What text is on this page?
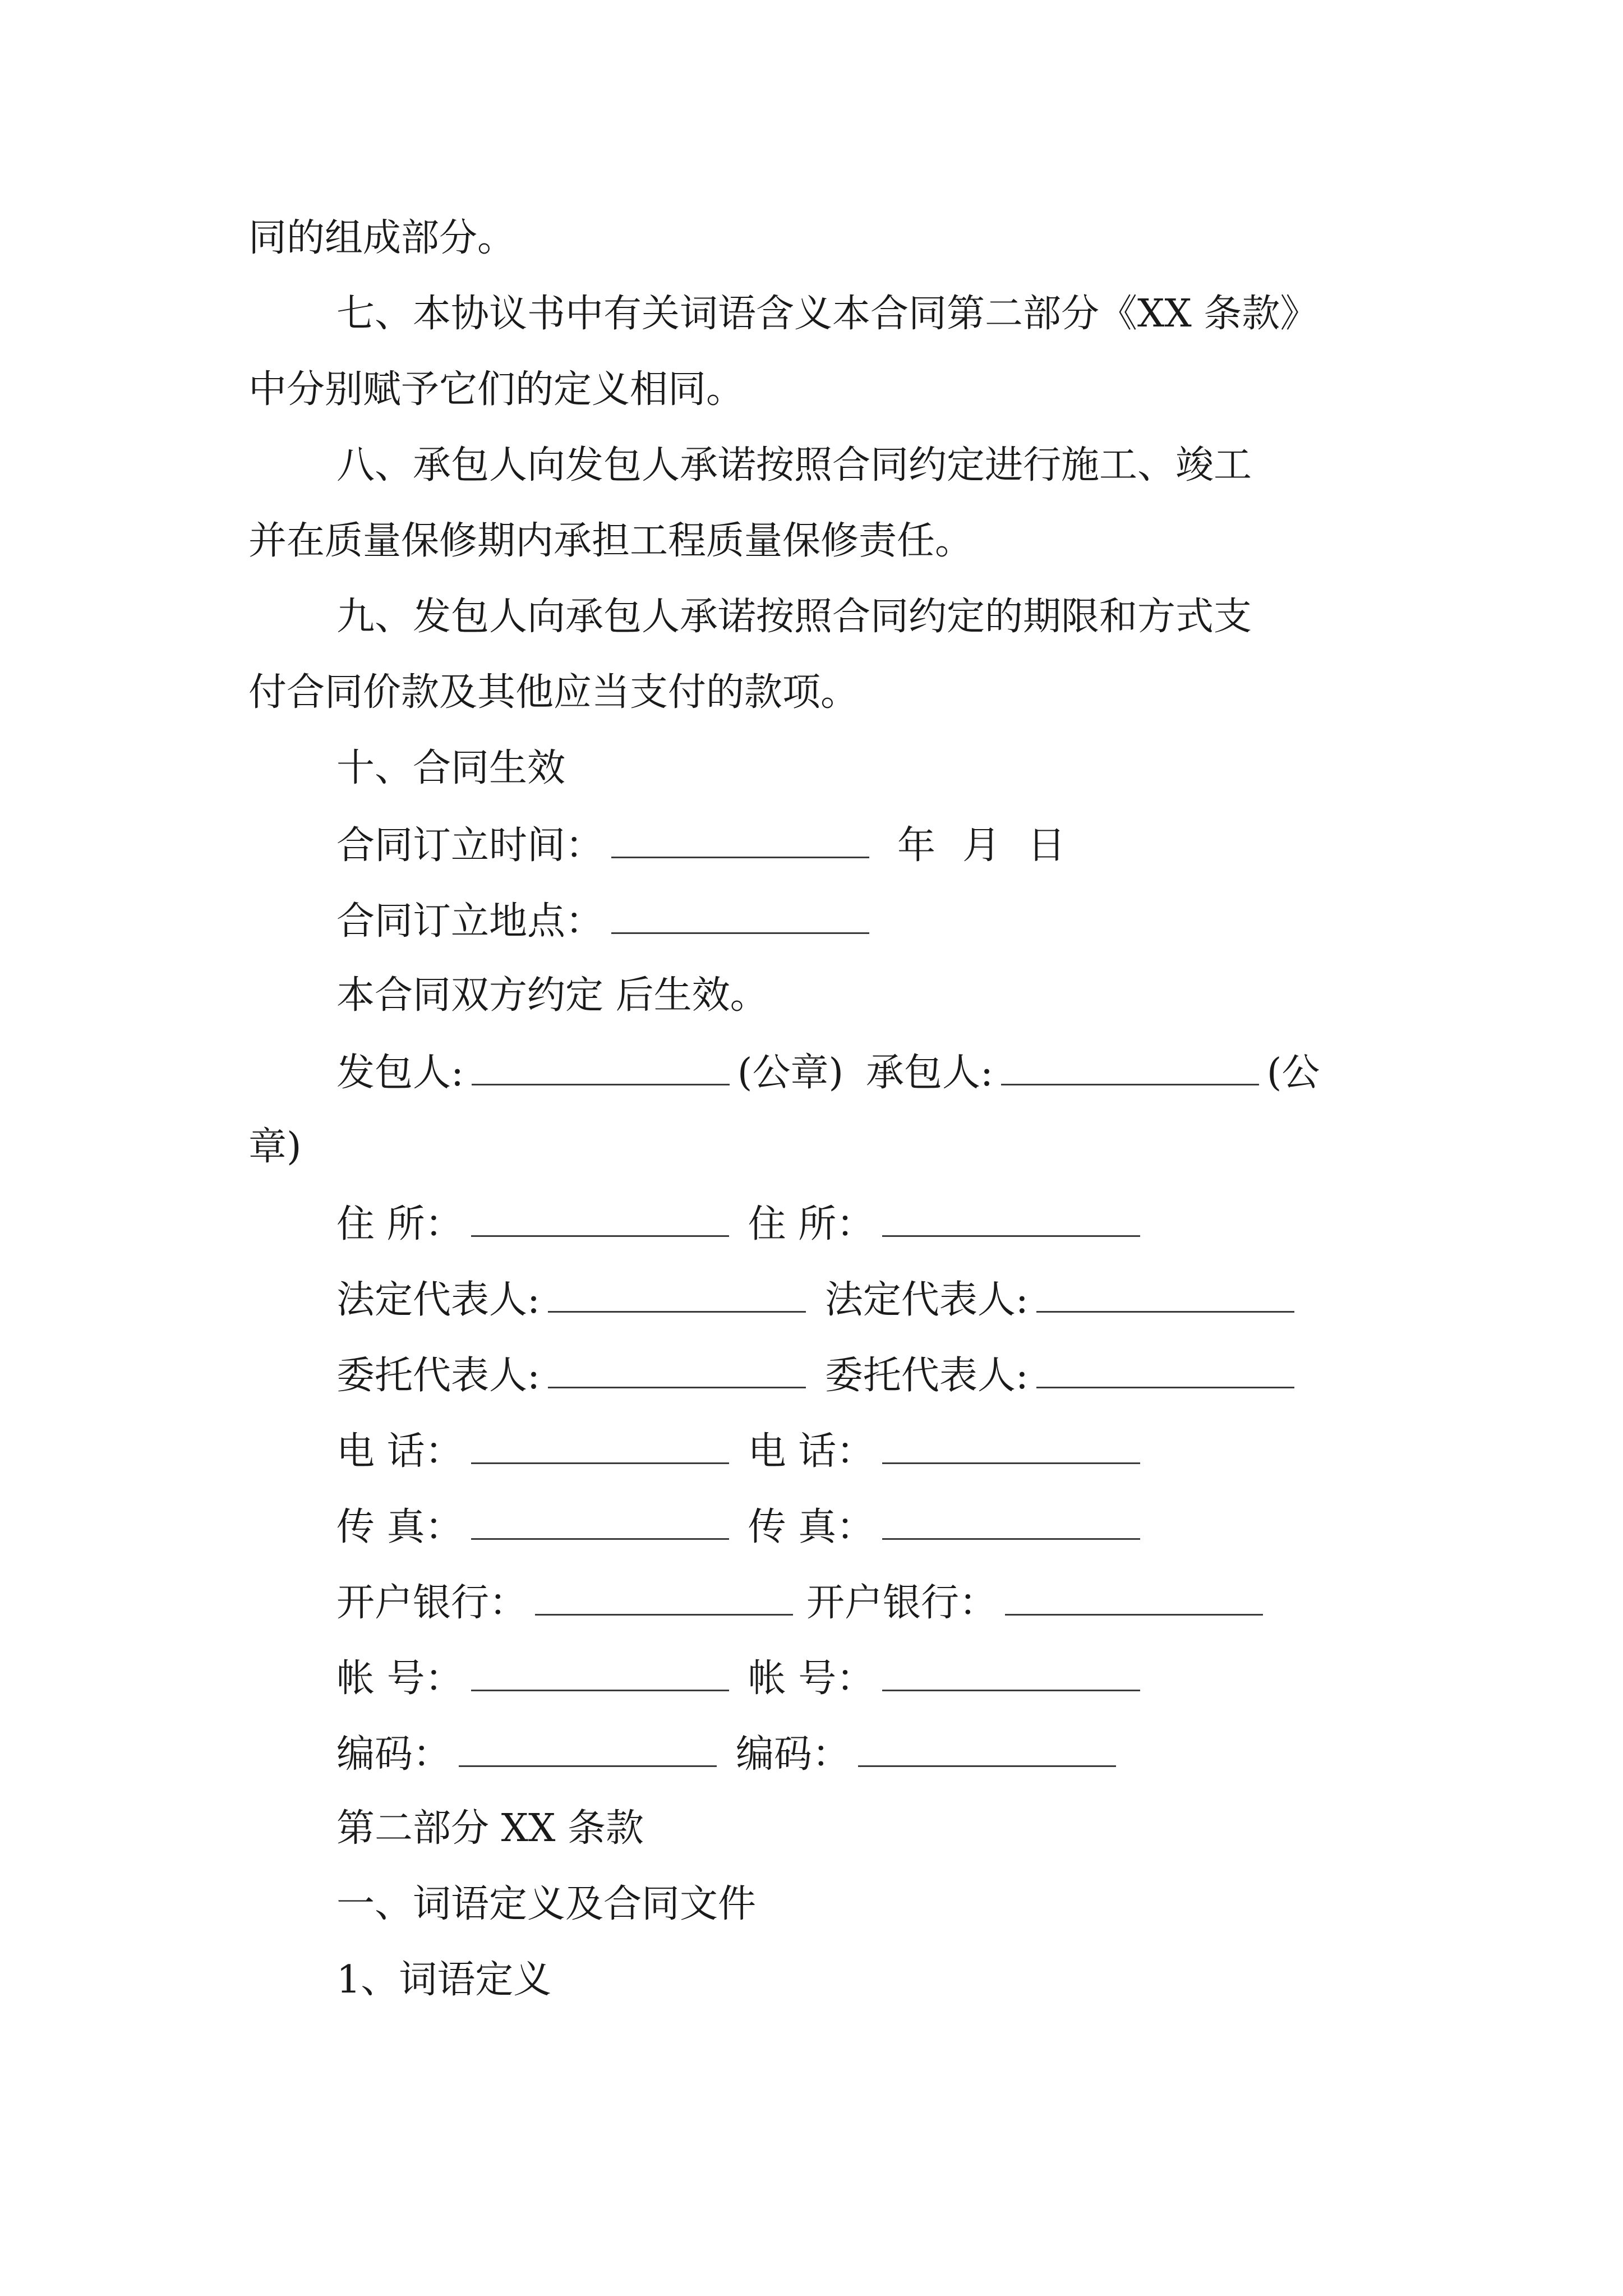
同的组成部分。
七、本协议书中有关词语含义本合同第二部分《XX 条款》
中分别赋予它们的定义相同。
八、承包人向发包人承诺按照合同约定进行施工、竣工
并在质量保修期内承担工程质量保修责任。
九、发包人向承包人承诺按照合同约定的期限和方式支
付合同价款及其他应当支付的款项。
十、合同生效
合同订立时间：	年 月 日
合同订立地点：
本合同双方约定 后生效。
发包人:	(公章) 承包人:	(公
章)
住 所：	住 所：
法定代表人:	法定代表人:
委托代表人:	委托代表人:
电 话：	电 话：
传 真：	传 真：
开户银行：	开户银行：
帐 号：	帐 号：
编码：	编码：
第二部分 XX 条款
一、词语定义及合同文件
1、词语定义
